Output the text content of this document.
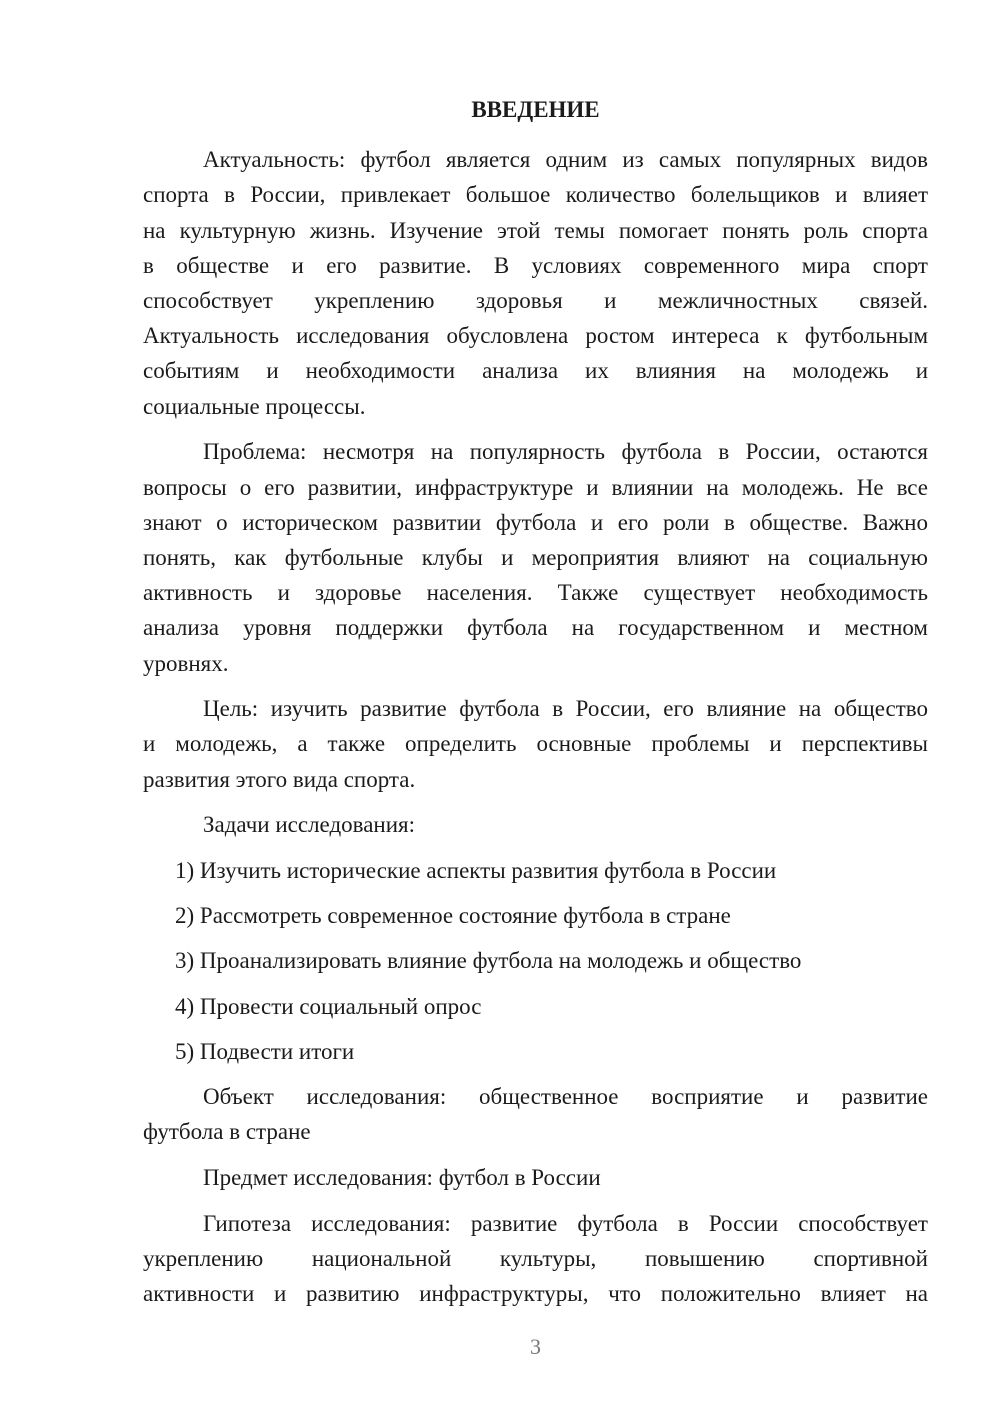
ВВЕДЕНИЕ
Актуальность: футбол является одним из самых популярных видов
спорта в России, привлекает большое количество болельщиков и влияет
на культурную жизнь. Изучение этой темы помогает понять роль спорта
в обществе и его развитие. В условиях современного мира спорт
способствует укреплению здоровья и межличностных связей.
Актуальность исследования обусловлена ростом интереса к футбольным
событиям и необходимости анализа их влияния на молодежь и
социальные процессы.
Проблема: несмотря на популярность футбола в России, остаются
вопросы о его развитии, инфраструктуре и влиянии на молодежь. Не все
знают о историческом развитии футбола и его роли в обществе. Важно
понять, как футбольные клубы и мероприятия влияют на социальную
активность и здоровье населения. Также существует необходимость
анализа уровня поддержки футбола на государственном и местном
уровнях.
Цель: изучить развитие футбола в России, его влияние на общество
и молодежь, а также определить основные проблемы и перспективы
развития этого вида спорта.
Задачи исследования:
1) Изучить исторические аспекты развития футбола в России
2) Рассмотреть современное состояние футбола в стране
3) Проанализировать влияние футбола на молодежь и общество
4) Провести социальный опрос
5) Подвести итоги
Объект исследования: общественное восприятие и развитие
футбола в стране
Предмет исследования: футбол в России
Гипотеза исследования: развитие футбола в России способствует
укреплению национальной культуры, повышению спортивной
активности и развитию инфраструктуры, что положительно влияет на
3
